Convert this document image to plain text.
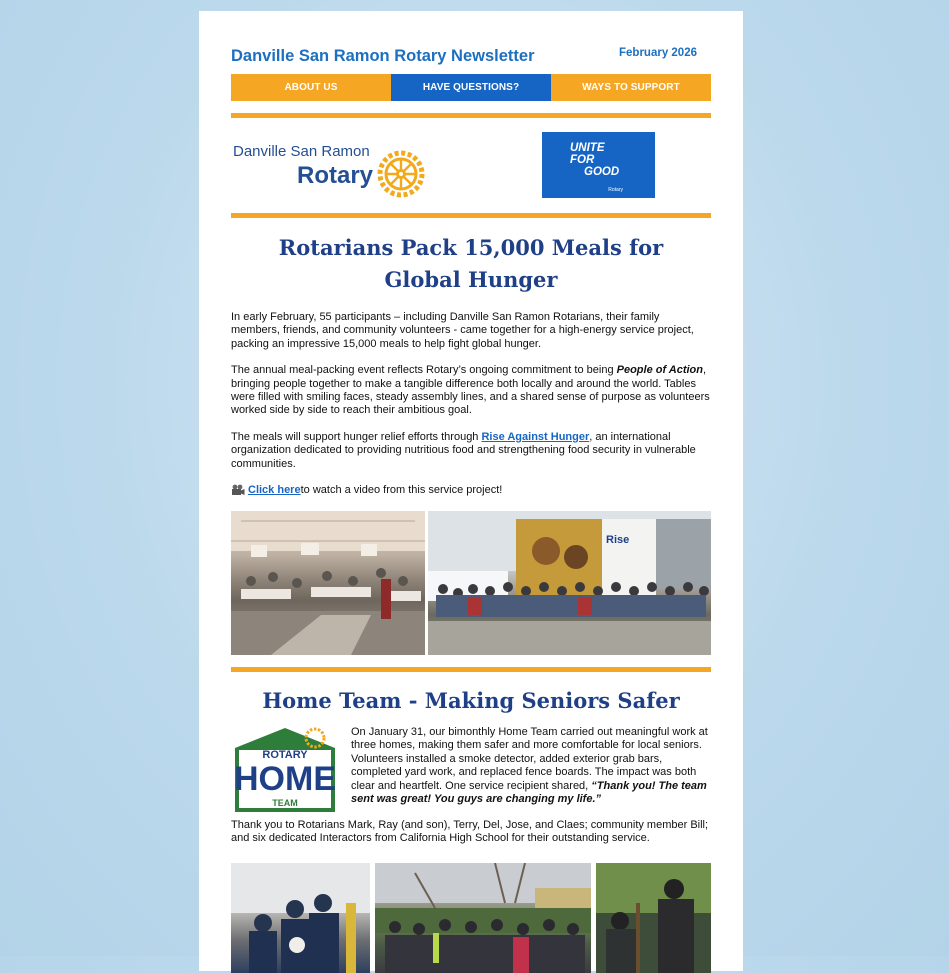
Danville San Ramon Rotary Newsletter	February 2026
ABOUT US	HAVE QUESTIONS?	WAYS TO SUPPORT
Danville San Ramon
Rotary
UNITE
FOR
GOOD
Rotary
Rotarians Pack 15,000 Meals for Global Hunger

In early February, 55 participants – including Danville San Ramon Rotarians, their family members, friends, and community volunteers - came together for a high-energy service project, packing an impressive 15,000 meals to help fight global hunger.

The annual meal-packing event reflects Rotary’s ongoing commitment to being People of Action, bringing people together to make a tangible difference both locally and around the world. Tables were filled with smiling faces, steady assembly lines, and a shared sense of purpose as volunteers worked side by side to reach their ambitious goal.

The meals will support hunger relief efforts through Rise Against Hunger, an international organization dedicated to providing nutritious food and strengthening food security in vulnerable communities.

Click here to watch a video from this service project!
Rise
Home Team - Making Seniors Safer
ROTARY
HOME
TEAM

On January 31, our bimonthly Home Team carried out meaningful work at three homes, making them safer and more comfortable for local seniors. Volunteers installed a smoke detector, added exterior grab bars, completed yard work, and replaced fence boards. The impact was both clear and heartfelt. One service recipient shared, “Thank you! The team sent was great! You guys are changing my life.”

Thank you to Rotarians Mark, Ray (and son), Terry, Del, Jose, and Claes; community member Bill; and six dedicated Interactors from California High School for their outstanding service.
